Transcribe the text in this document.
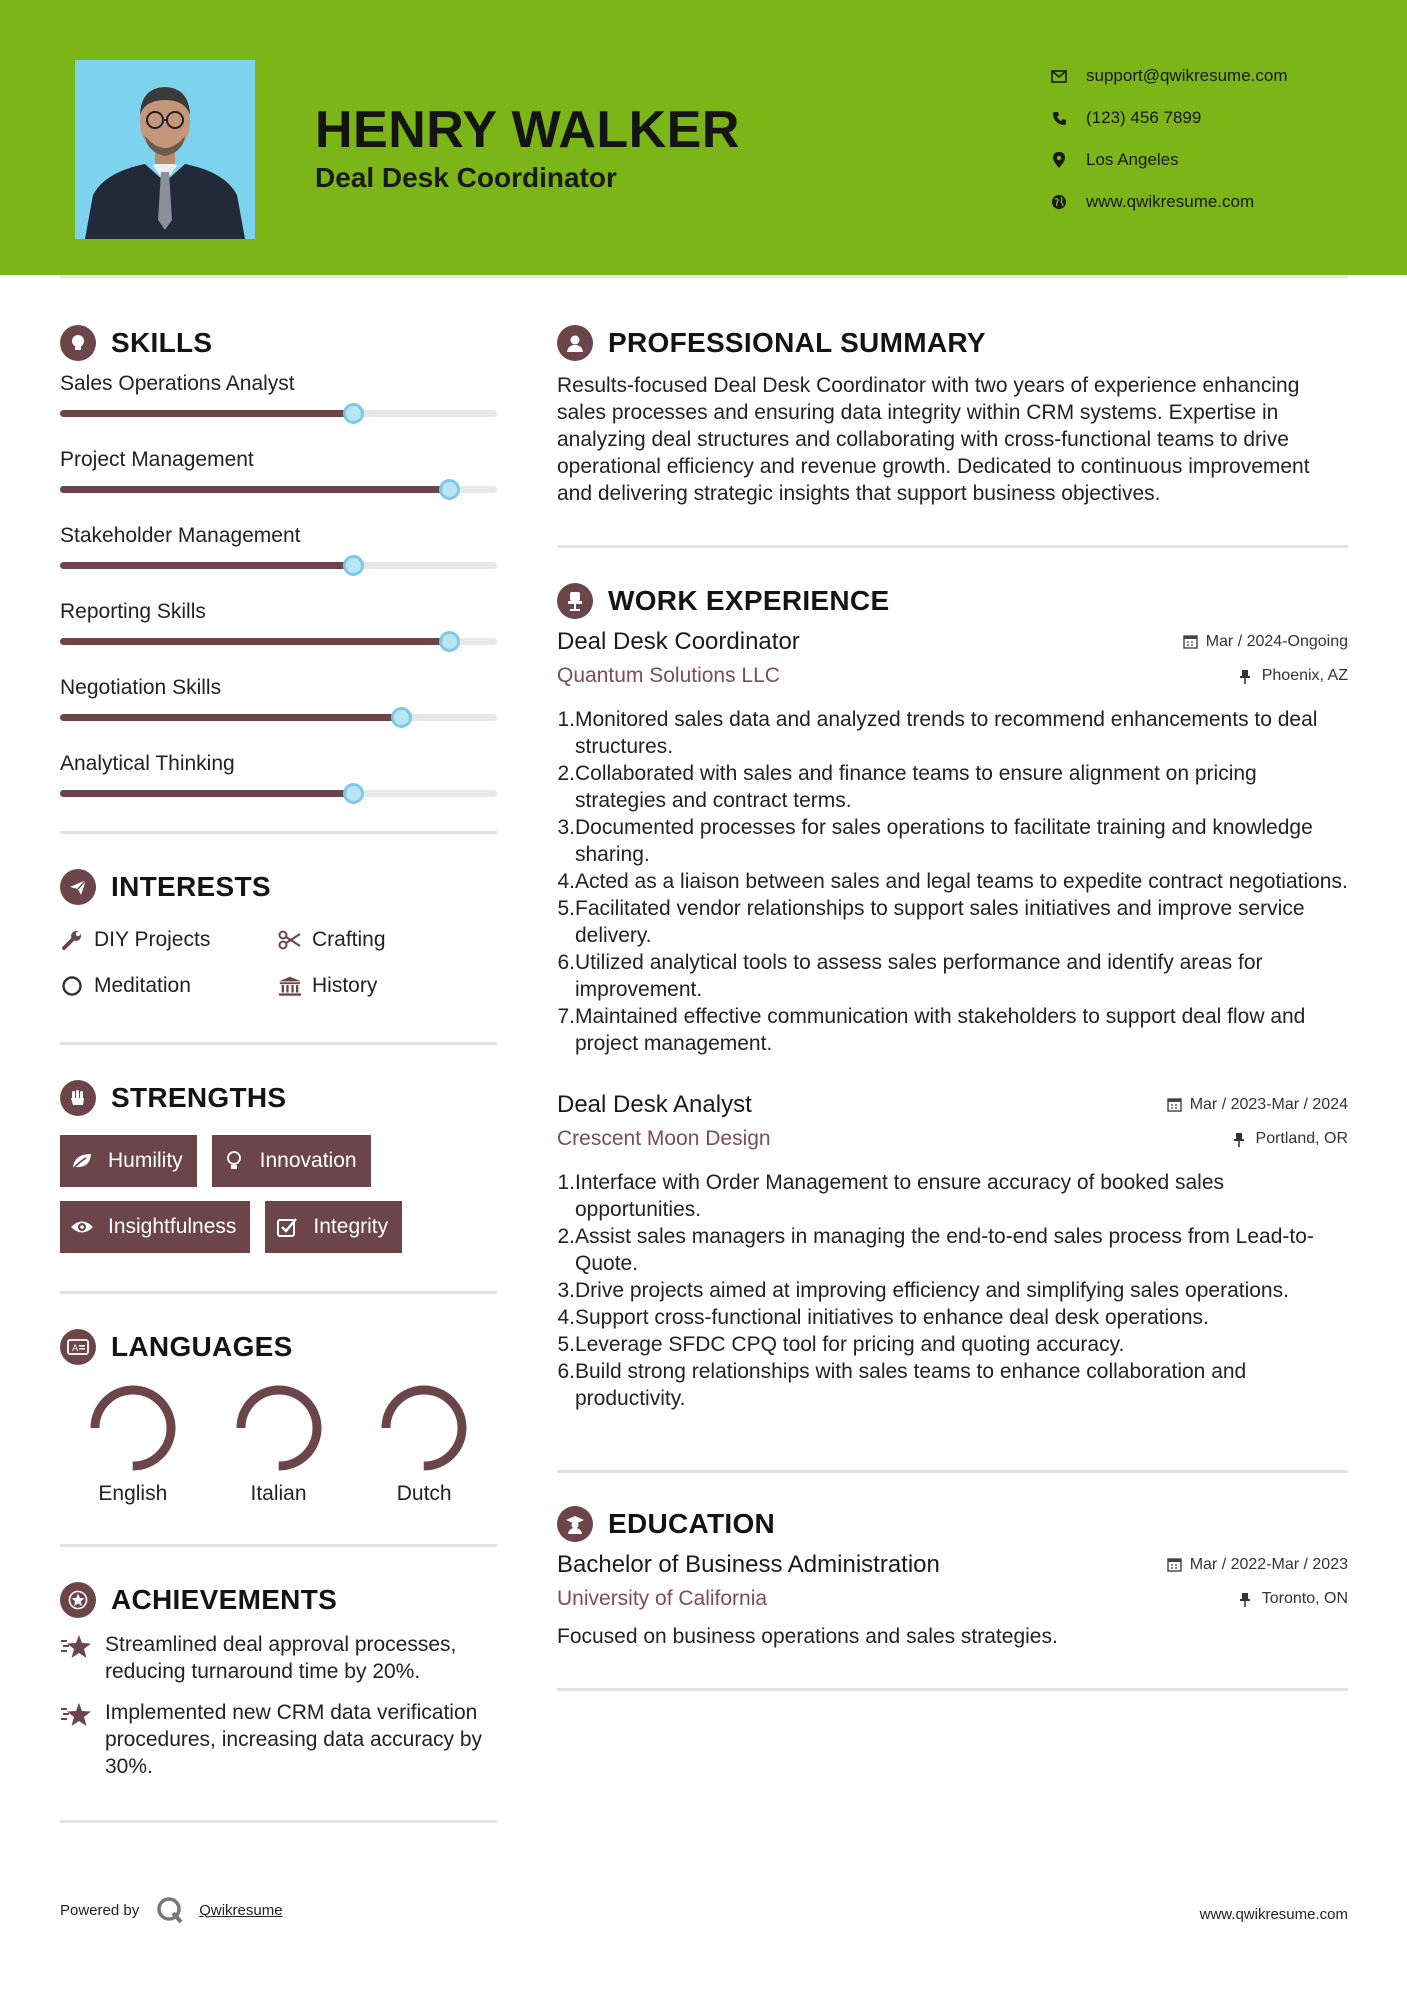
HENRY WALKER
Deal Desk Coordinator
support@qwikresume.com
(123) 456 7899
Los Angeles
www.qwikresume.com
SKILLS
Sales Operations Analyst
Project Management
Stakeholder Management
Reporting Skills
Negotiation Skills
Analytical Thinking
INTERESTS
DIY Projects	Crafting
Meditation	History
STRENGTHS
Humility	Innovation
Insightfulness	Integrity
A LANGUAGES
English	Italian	Dutch
ACHIEVEMENTS
Streamlined deal approval processes, reducing turnaround time by 20%.
Implemented new CRM data verification procedures, increasing data accuracy by 30%.
PROFESSIONAL SUMMARY
Results-focused Deal Desk Coordinator with two years of experience enhancing sales processes and ensuring data integrity within CRM systems. Expertise in analyzing deal structures and collaborating with cross-functional teams to drive operational efficiency and revenue growth. Dedicated to continuous improvement and delivering strategic insights that support business objectives.
WORK EXPERIENCE
Deal Desk Coordinator	Mar / 2024-Ongoing
Quantum Solutions LLC	Phoenix, AZ
1. Monitored sales data and analyzed trends to recommend enhancements to deal structures.
2. Collaborated with sales and finance teams to ensure alignment on pricing strategies and contract terms.
3. Documented processes for sales operations to facilitate training and knowledge sharing.
4. Acted as a liaison between sales and legal teams to expedite contract negotiations.
5. Facilitated vendor relationships to support sales initiatives and improve service delivery.
6. Utilized analytical tools to assess sales performance and identify areas for improvement.
7. Maintained effective communication with stakeholders to support deal flow and project management.
Deal Desk Analyst	Mar / 2023-Mar / 2024
Crescent Moon Design	Portland, OR
1. Interface with Order Management to ensure accuracy of booked sales opportunities.
2. Assist sales managers in managing the end-to-end sales process from Lead-to-Quote.
3. Drive projects aimed at improving efficiency and simplifying sales operations.
4. Support cross-functional initiatives to enhance deal desk operations.
5. Leverage SFDC CPQ tool for pricing and quoting accuracy.
6. Build strong relationships with sales teams to enhance collaboration and productivity.
EDUCATION
Bachelor of Business Administration	Mar / 2022-Mar / 2023
University of California	Toronto, ON
Focused on business operations and sales strategies.
Powered by	Qwikresume	www.qwikresume.com
